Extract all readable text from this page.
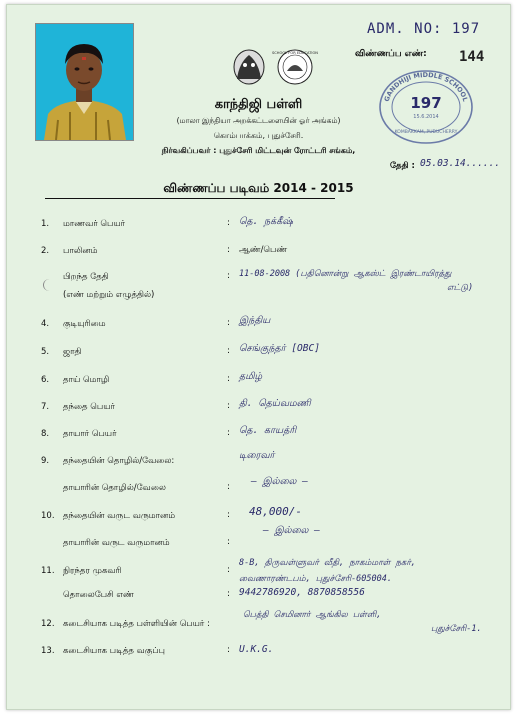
SCHOOL FOR EDUCATION
ADM. NO: 197
விண்ணப்ப எண்: 144
GANDHIJI MIDDLE SCHOOL
197
15.6.2014
KOMBAKKAM, PUDUCHERRY
காந்திஜி பள்ளி
(மாலா இந்தியா அறக்கட்டளையின் ஓர் அங்கம்)
கொம்பாக்கம், புதுச்சேரி.
நிர்வகிப்பவர் : புதுச்சேரி மிட்டவுன் ரோட்டரி சங்கம்,
தேதி : 05.03.14......
விண்ணப்ப படிவம் 2014 - 2015
1. மாணவர் பெயர்	: தெ. நக்கீஷ்
2. பாலினம்	: ஆண்/பெண்
பிறந்த தேதி
(எண் மற்றும் எழுத்தில்)
: 11-08-2008 (பதினொன்று ஆகஸ்ட் இரண்டாயிரத்து
எட்டு)
4. குடியுரிமை	: இந்திய
5. ஜாதி	: செங்குந்தர் [OBC]
6. தாய் மொழி	: தமிழ்
7. தந்தை பெயர்	: தி. தெய்வமணி
8. தாயார் பெயர்	: தெ. காயத்ரி
9. தந்தையின் தொழில்/வேலை:	டிரைவர்
தாயாரின் தொழில்/வேலை	: — இல்லை —
10. தந்தையின் வருட வருமானம்	: 48,000/-
தாயாரின் வருட வருமானம்	:
— இல்லை —
11. நிரந்தர முகவரி	:
8-B, திருவள்ளுவர் வீதி, நாகம்மாள் நகர்,
வைணாரண்டபம், புதுச்சேரி-605004.
தொலைபேசி எண்	: 9442786920, 8870858556
12. கடைசியாக படித்த பள்ளியின் பெயர் :
பெத்தி செமினார் ஆங்கில பள்ளி,
புதுச்சேரி-1.
13. கடைசியாக படித்த வகுப்பு	: U.K.G.
